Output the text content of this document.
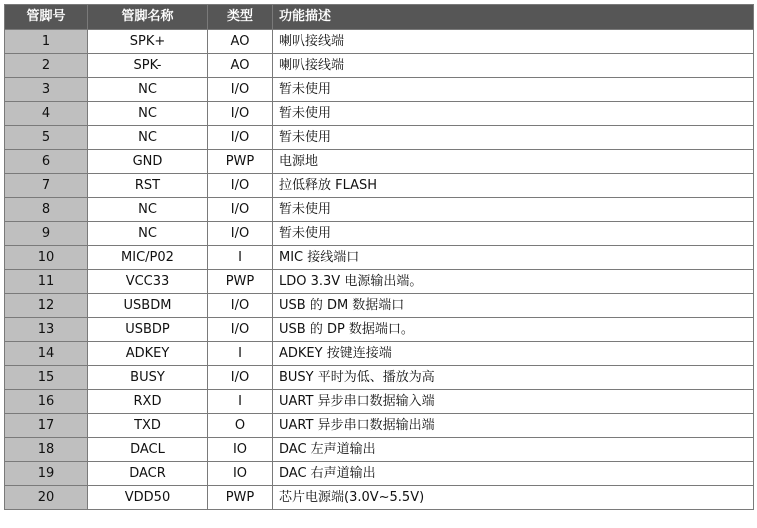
管脚号	管脚名称	类型	功能描述
1	SPK+	AO	喇叭接线端
2	SPK-	AO	喇叭接线端
3	NC	I/O	暂未使用
4	NC	I/O	暂未使用
5	NC	I/O	暂未使用
6	GND	PWP	电源地
7	RST	I/O	拉低释放 FLASH
8	NC	I/O	暂未使用
9	NC	I/O	暂未使用
10	MIC/P02	I	MIC 接线端口
11	VCC33	PWP	LDO 3.3V 电源输出端。
12	USBDM	I/O	USB 的 DM 数据端口
13	USBDP	I/O	USB 的 DP 数据端口。
14	ADKEY	I	ADKEY 按键连接端
15	BUSY	I/O	BUSY 平时为低、播放为高
16	RXD	I	UART 异步串口数据输入端
17	TXD	O	UART 异步串口数据输出端
18	DACL	IO	DAC 左声道输出
19	DACR	IO	DAC 右声道输出
20	VDD50	PWP	芯片电源端(3.0V~5.5V)
